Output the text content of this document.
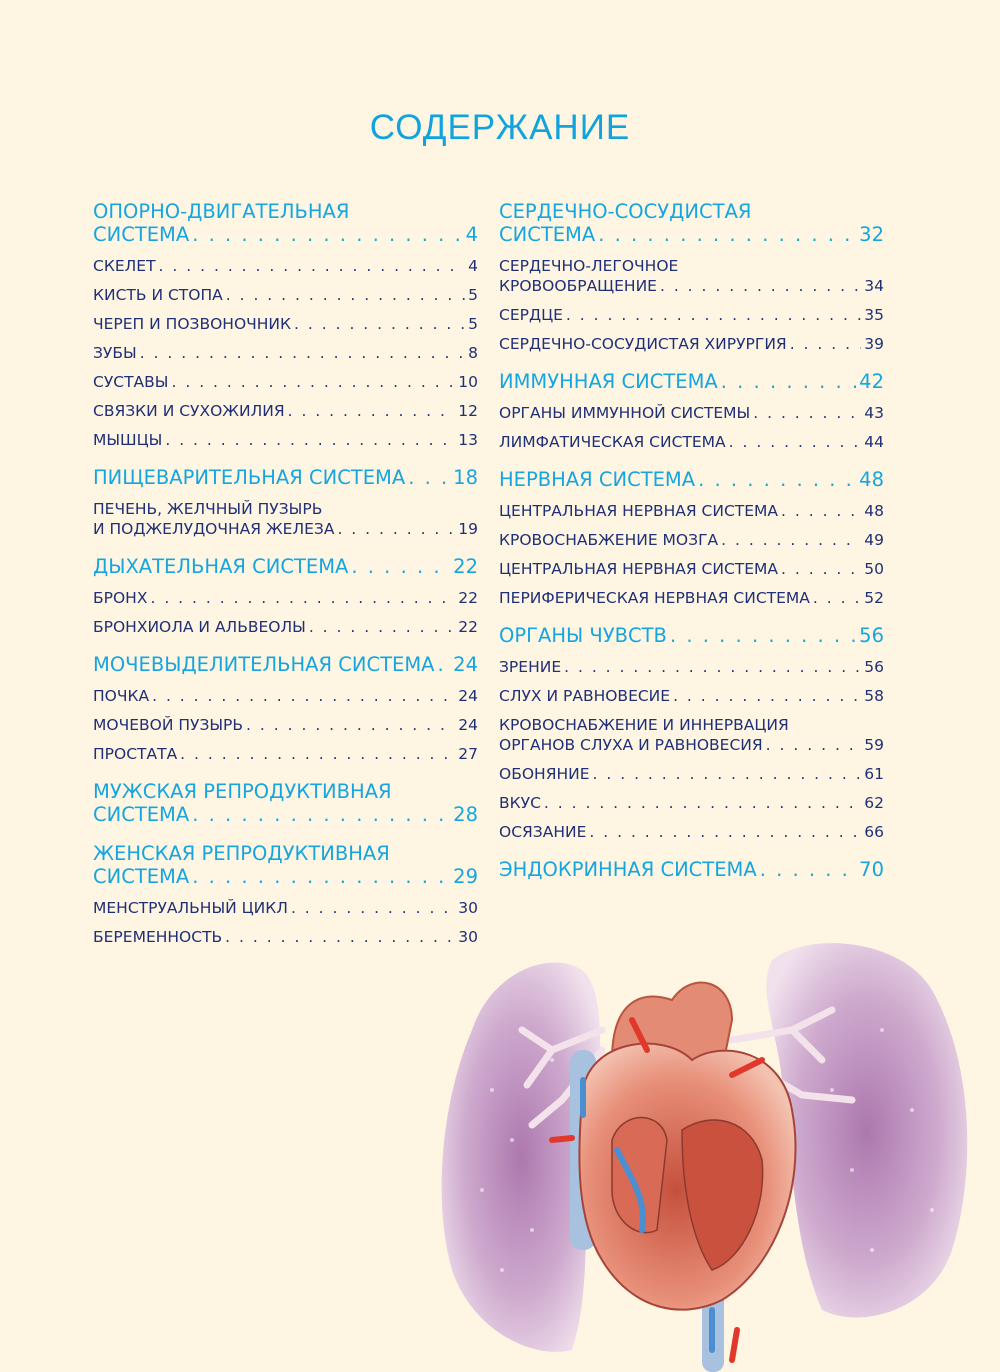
СОДЕРЖАНИЕ
ОПОРНО-ДВИГАТЕЛЬНАЯ
СИСТЕМА . . .	4
СКЕЛЕТ . . .	4
КИСТЬ И СТОПА . . .	5
ЧЕРЕП И ПОЗВОНОЧНИК . . .	5
ЗУБЫ . . .	8
СУСТАВЫ . . .	10
СВЯЗКИ И СУХОЖИЛИЯ . . .	12
МЫШЦЫ . . .	13
ПИЩЕВАРИТЕЛЬНАЯ СИСТЕМА . . . 18
ПЕЧЕНЬ, ЖЕЛЧНЫЙ ПУЗЫРЬ
И ПОДЖЕЛУДОЧНАЯ ЖЕЛЕЗА . . .	19
ДЫХАТЕЛЬНАЯ СИСТЕМА . . .	22
БРОНХ . . .	22
БРОНХИОЛА И АЛЬВЕОЛЫ . . .	22
МОЧЕВЫДЕЛИТЕЛЬНАЯ СИСТЕМА . . . 24
ПОЧКА . . .	24
МОЧЕВОЙ ПУЗЫРЬ . . .	24
ПРОСТАТА . . .	27
МУЖСКАЯ РЕПРОДУКТИВНАЯ
СИСТЕМА . . .	28
ЖЕНСКАЯ РЕПРОДУКТИВНАЯ
СИСТЕМА . . .	29
МЕНСТРУАЛЬНЫЙ ЦИКЛ . . .	30
БЕРЕМЕННОСТЬ . . .	30
СЕРДЕЧНО-СОСУДИСТАЯ
СИСТЕМА . . .	32
СЕРДЕЧНО-ЛЕГОЧНОЕ
КРОВООБРАЩЕНИЕ . . .	34
СЕРДЦЕ . . .	35
СЕРДЕЧНО-СОСУДИСТАЯ ХИРУРГИЯ . . .	39
ИММУННАЯ СИСТЕМА . . .	42
ОРГАНЫ ИММУННОЙ СИСТЕМЫ . . .	43
ЛИМФАТИЧЕСКАЯ СИСТЕМА . . .	44
НЕРВНАЯ СИСТЕМА . . .	48
ЦЕНТРАЛЬНАЯ НЕРВНАЯ СИСТЕМА . . .	48
КРОВОСНАБЖЕНИЕ МОЗГА . . .	49
ЦЕНТРАЛЬНАЯ НЕРВНАЯ СИСТЕМА . . .	50
ПЕРИФЕРИЧЕСКАЯ НЕРВНАЯ СИСТЕМА . . .	52
ОРГАНЫ ЧУВСТВ . . .	56
ЗРЕНИЕ . . .	56
СЛУХ И РАВНОВЕСИЕ . . .	58
КРОВОСНАБЖЕНИЕ И ИННЕРВАЦИЯ
ОРГАНОВ СЛУХА И РАВНОВЕСИЯ . . .	59
ОБОНЯНИЕ . . .	61
ВКУС . . .	62
ОСЯЗАНИЕ . . .	66
ЭНДОКРИННАЯ СИСТЕМА . . .	70
